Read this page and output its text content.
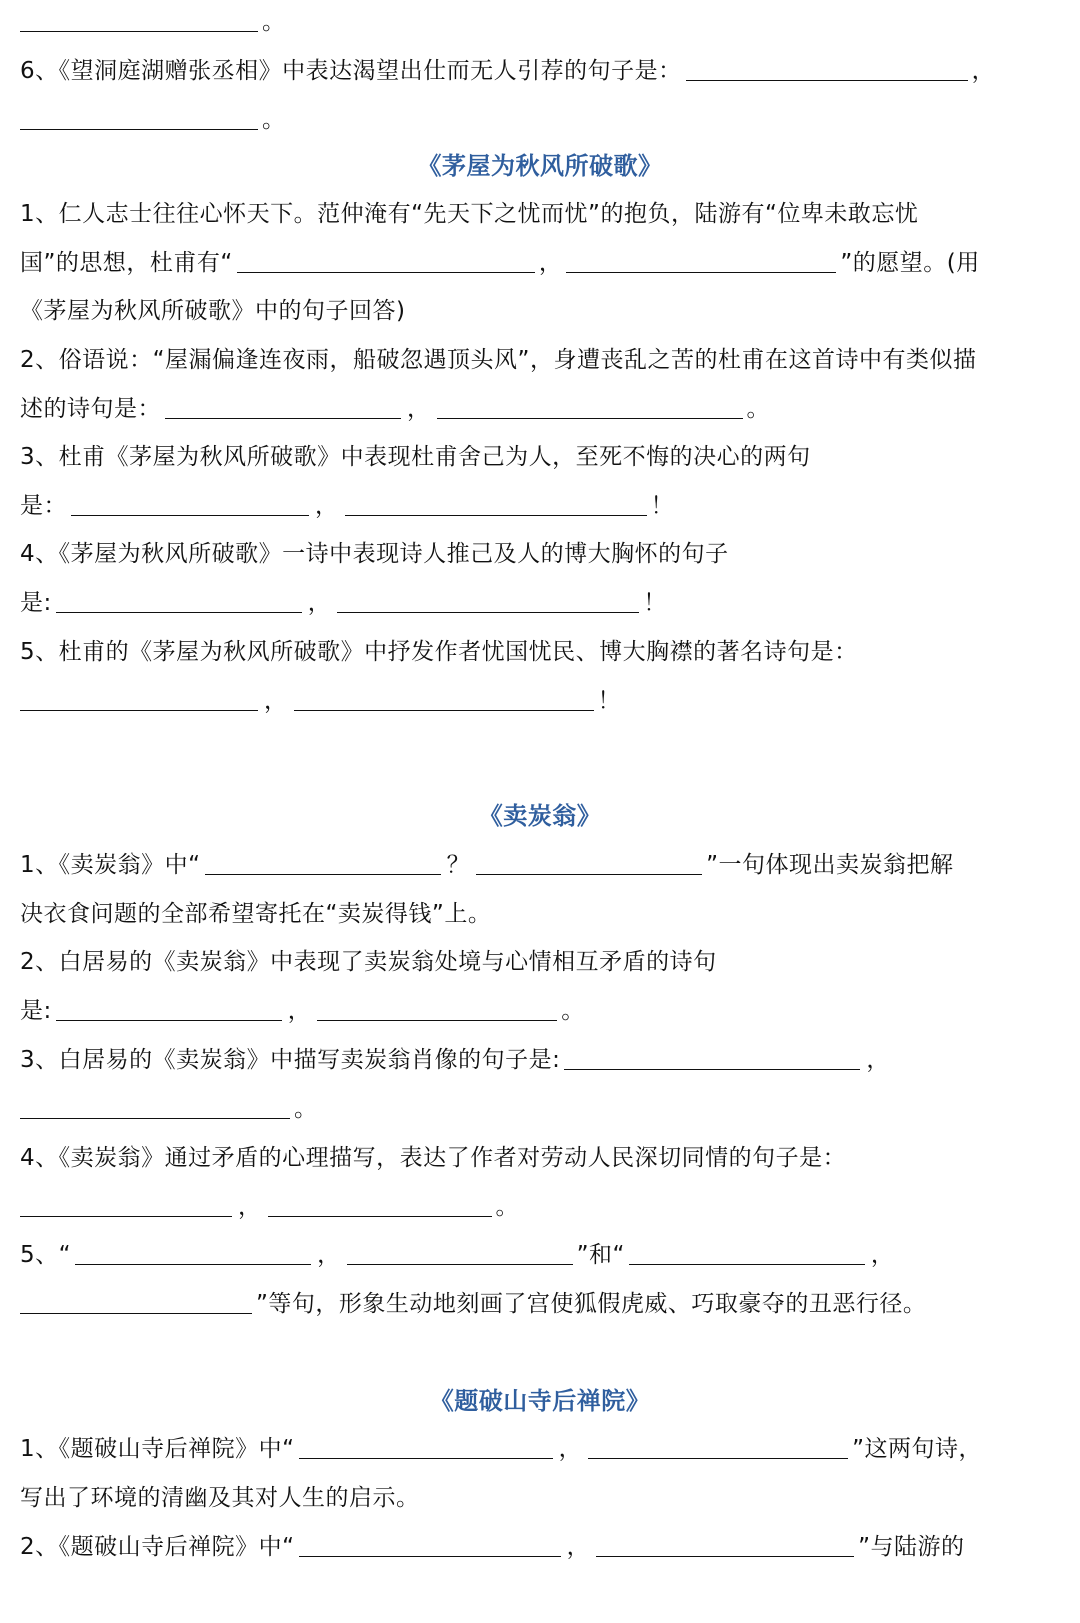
。
6、《望洞庭湖赠张丞相》中表达渴望出仕而无人引荐的句子是：	，
。
《茅屋为秋风所破歌》
1、仁人志士往往心怀天下。范仲淹有“先天下之忧而忧”的抱负，陆游有“位卑未敢忘忧
国”的思想，杜甫有“	，	”的愿望。(用
《茅屋为秋风所破歌》中的句子回答)
2、俗语说：“屋漏偏逢连夜雨，船破忽遇顶头风”，身遭丧乱之苦的杜甫在这首诗中有类似描
述的诗句是：	，	。
3、杜甫《茅屋为秋风所破歌》中表现杜甫舍己为人，至死不悔的决心的两句
是：	，	！
4、《茅屋为秋风所破歌》一诗中表现诗人推己及人的博大胸怀的句子
是:	，	！
5、杜甫的《茅屋为秋风所破歌》中抒发作者忧国忧民、博大胸襟的著名诗句是：
，	！
《卖炭翁》
1、《卖炭翁》中“	？	”一句体现出卖炭翁把解
决衣食问题的全部希望寄托在“卖炭得钱”上。
2、白居易的《卖炭翁》中表现了卖炭翁处境与心情相互矛盾的诗句
是:	，	。
3、白居易的《卖炭翁》中描写卖炭翁肖像的句子是:	，
。
4、《卖炭翁》通过矛盾的心理描写，表达了作者对劳动人民深切同情的句子是：
，	。
5、“	，	”和“	，
”等句，形象生动地刻画了宫使狐假虎威、巧取豪夺的丑恶行径。
《题破山寺后禅院》
1、《题破山寺后禅院》中“	，	”这两句诗，
写出了环境的清幽及其对人生的启示。
2、《题破山寺后禅院》中“	，	”与陆游的
